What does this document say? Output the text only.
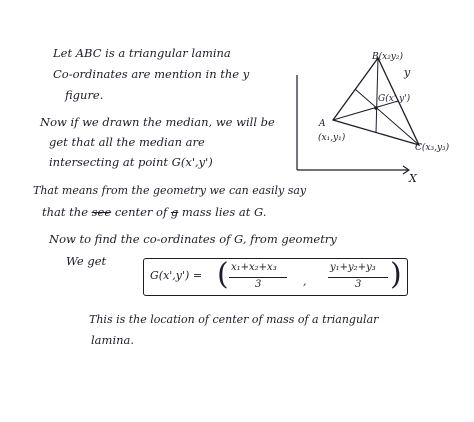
y
X
A
(x₁,y₁)
B(x₂y₂)
C(x₃,y₃)
G(x',y')
Let ABC is a triangular lamina
Co-ordinates are mention in the y
figure.
Now if we drawn the median, we will be
get that all the median are
intersecting at point G(x',y')
That means from the geometry we can easily say
that the see center of g mass lies at G.
Now to find the co-ordinates of G, from geometry
We get
G(x',y') = ( x₁+x₂+x₃
3	,
y₁+y₂+y₃
3 )
This is the location of center of mass of a triangular
lamina.
